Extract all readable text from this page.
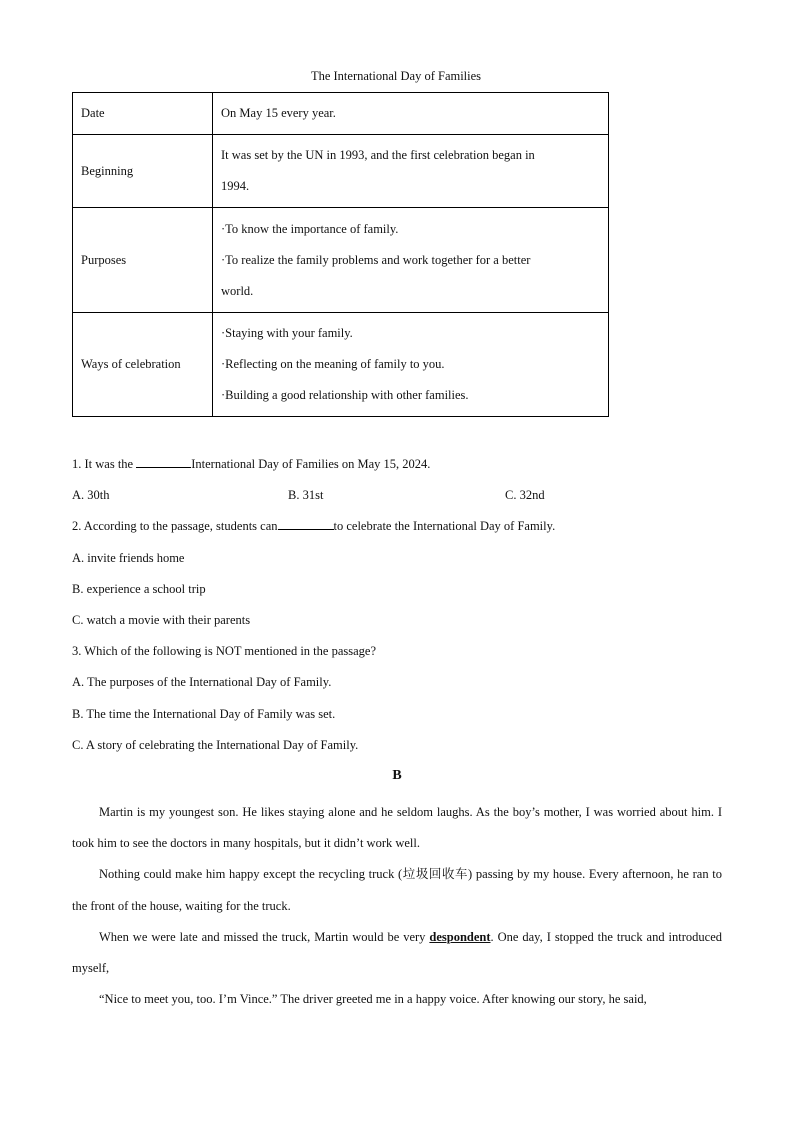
The International Day of Families
Date	On May 15 every year.

Beginning	It was set by the UN in 1993, and the first celebration began in
1994.

Purposes	·To know the importance of family.
·To realize the family problems and work together for a better
world.

Ways of celebration	·Staying with your family.
·Reflecting on the meaning of family to you.
·Building a good relationship with other families.
1. It was the	International Day of Families on May 15, 2024.
A. 30th	B. 31st	C. 32nd
2. According to the passage, students can	to celebrate the International Day of Family.
A. invite friends home
B. experience a school trip
C. watch a movie with their parents
3. Which of the following is NOT mentioned in the passage?
A. The purposes of the International Day of Family.
B. The time the International Day of Family was set.
C. A story of celebrating the International Day of Family.
B

Martin is my youngest son. He likes staying alone and he seldom laughs. As the boy’s mother, I was worried about him. I took him to see the doctors in many hospitals, but it didn’t work well.

Nothing could make him happy except the recycling truck (垃圾回收车) passing by my house. Every afternoon, he ran to the front of the house, waiting for the truck.

When we were late and missed the truck, Martin would be very despondent. One day, I stopped the truck and introduced myself,

“Nice to meet you, too. I’m Vince.” The driver greeted me in a happy voice. After knowing our story, he said,
